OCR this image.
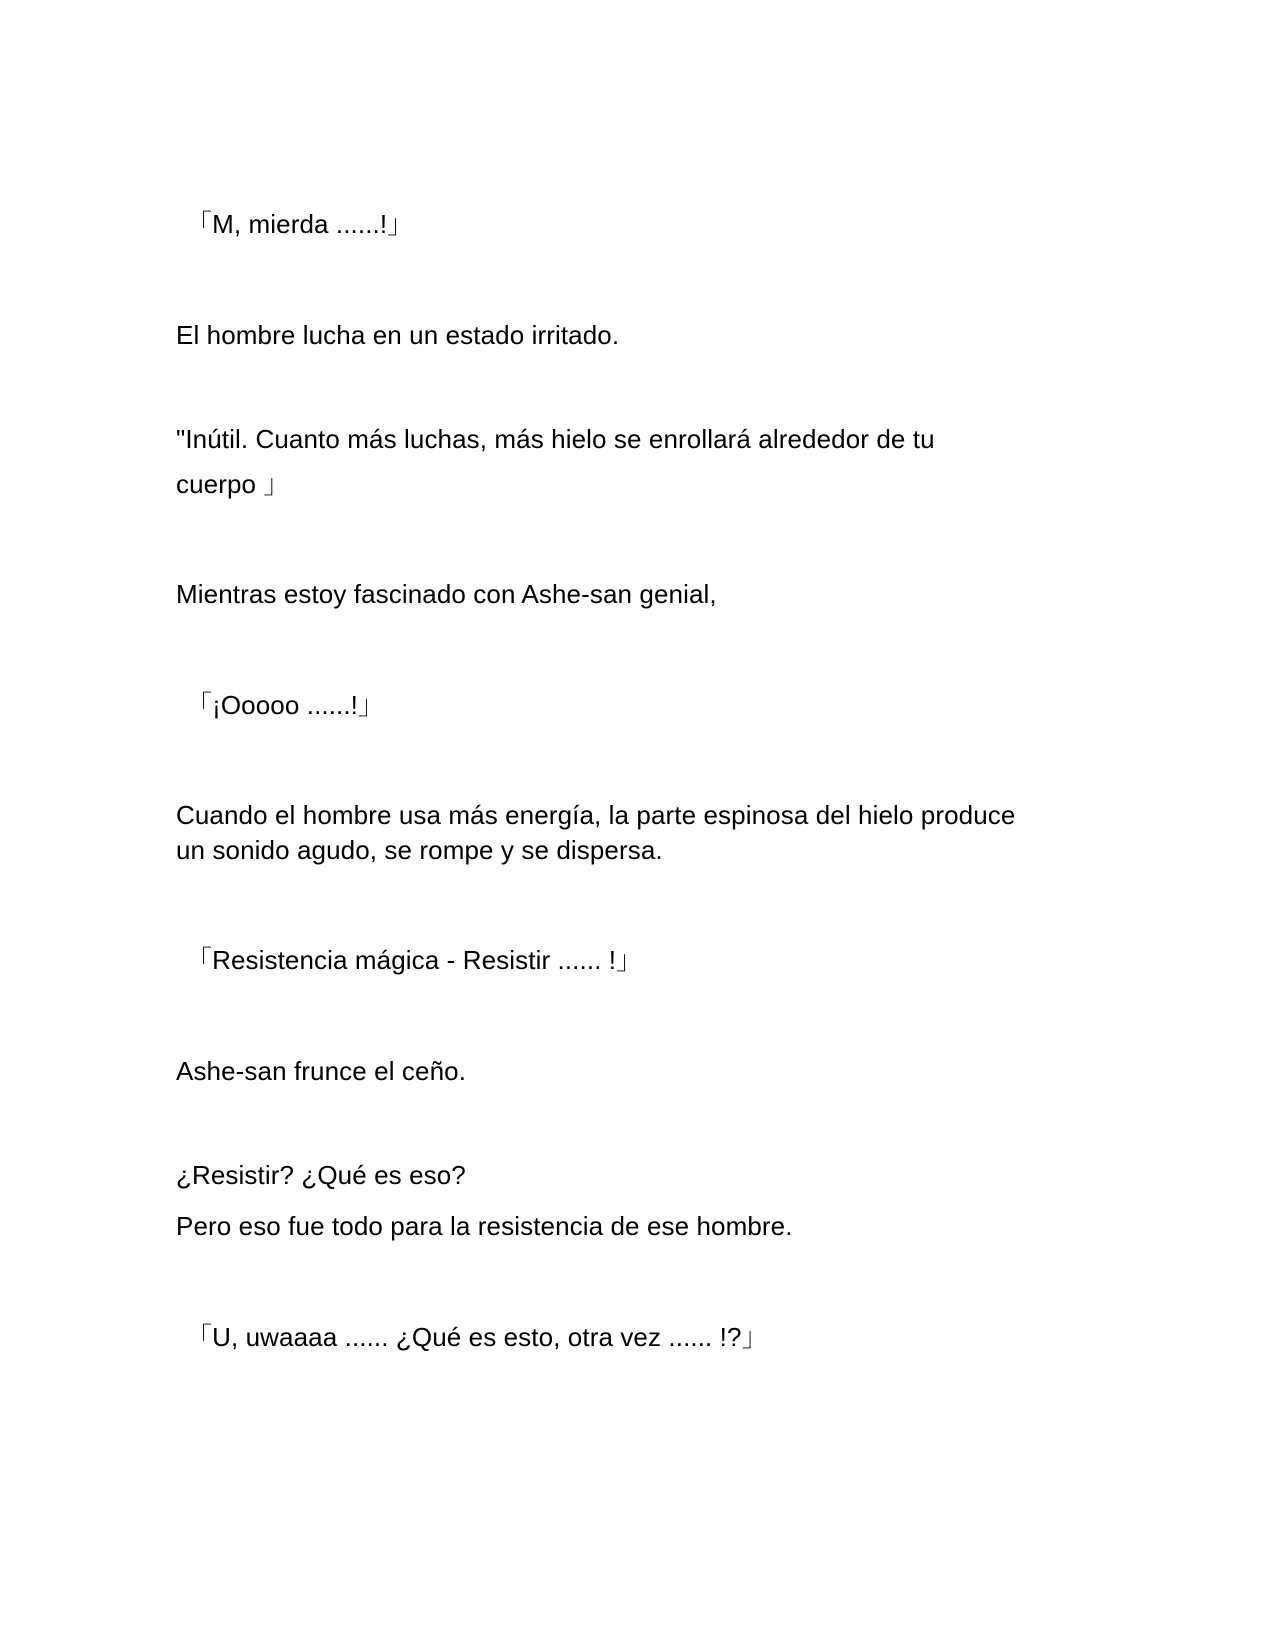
「M, mierda ......!」

El hombre lucha en un estado irritado.

"Inútil. Cuanto más luchas, más hielo se enrollará alrededor de tu

cuerpo 」

Mientras estoy fascinado con Ashe-san genial,

「¡Ooooo ......!」

Cuando el hombre usa más energía, la parte espinosa del hielo produce

un sonido agudo, se rompe y se dispersa.

「Resistencia mágica - Resistir ...... !」

Ashe-san frunce el ceño.

¿Resistir? ¿Qué es eso?

Pero eso fue todo para la resistencia de ese hombre.

「U, uwaaaa ...... ¿Qué es esto, otra vez ...... !?」
